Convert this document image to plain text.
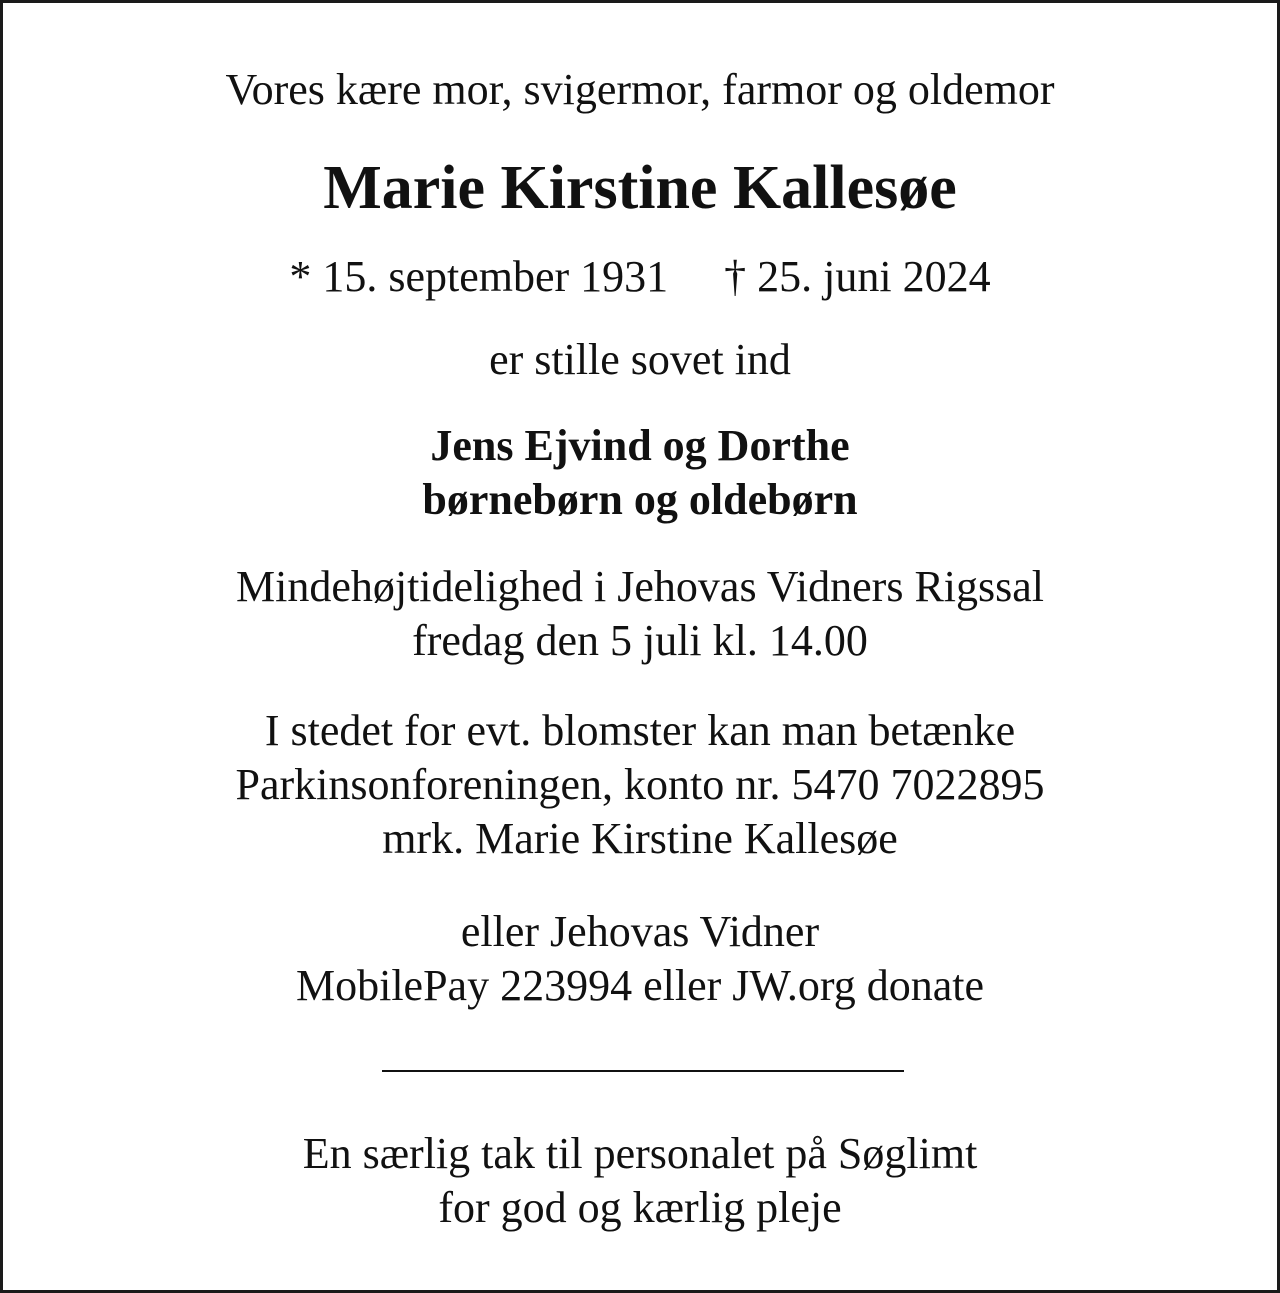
Vores kære mor, svigermor, farmor og oldemor

Marie Kirstine Kallesøe

* 15. september 1931 † 25. juni 2024

er stille sovet ind

Jens Ejvind og Dorthe
børnebørn og oldebørn

Mindehøjtidelighed i Jehovas Vidners Rigssal
fredag den 5 juli kl. 14.00

I stedet for evt. blomster kan man betænke
Parkinsonforeningen, konto nr. 5470 7022895
mrk. Marie Kirstine Kallesøe

eller Jehovas Vidner
MobilePay 223994 eller JW.org donate

En særlig tak til personalet på Søglimt
for god og kærlig pleje
